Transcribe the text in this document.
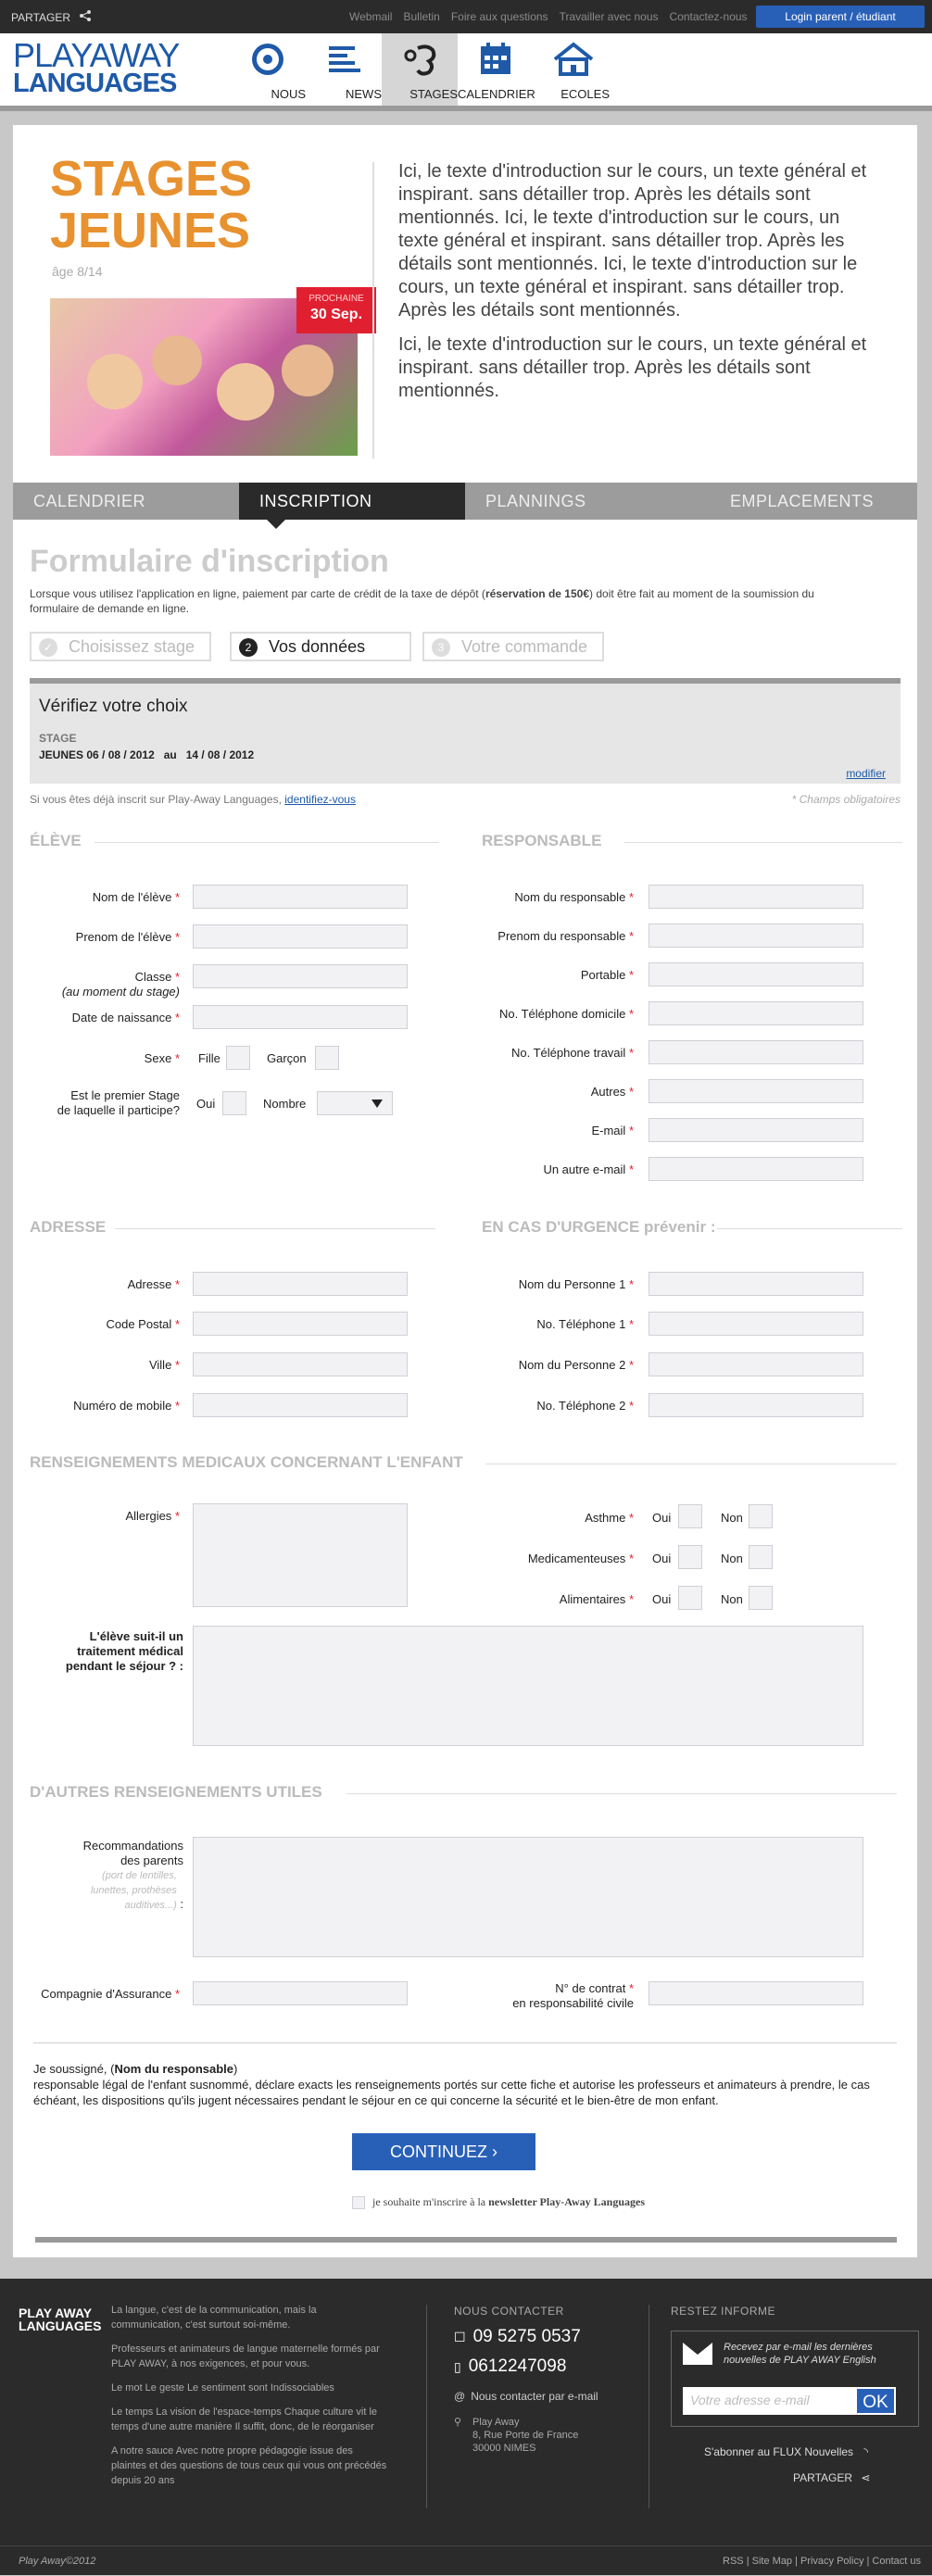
PARTAGER	Webmail Bulletin Foire aux questions Travailler avec nous Contactez-nous	Login parent / étudiant
PLAYAWAY
LANGUAGES	NOUS	NEWS	STAGES CALENDRIER	ECOLES
STAGES
JEUNES
âge 8/14
PROCHAINE
30 Sep.

Ici, le texte d'introduction sur le cours, un texte général et inspirant. sans détailler trop. Après les détails sont mentionnés. Ici, le texte d'introduction sur le cours, un texte général et inspirant. sans détailler trop. Après les détails sont mentionnés. Ici, le texte d'introduction sur le cours, un texte général et inspirant. sans détailler trop. Après les détails sont mentionnés.

Ici, le texte d'introduction sur le cours, un texte général et inspirant. sans détailler trop. Après les détails sont mentionnés.

CALENDRIER	INSCRIPTION	PLANNINGS	EMPLACEMENTS
Formulaire d'inscription
Lorsque vous utilisez l'application en ligne, paiement par carte de crédit de la taxe de dépôt (réservation de 150€) doit être fait au moment de la soumission du formulaire de demande en ligne.
✓ Choisissez stage	2	Vos données	3	Votre commande
Vérifiez votre choix
STAGE
JEUNES 06 / 08 / 2012   au   14 / 08 / 2012
modifier
Si vous êtes déjà inscrit sur Play-Away Languages, identifiez-vous	* Champs obligatoires
ÉLÈVE	RESPONSABLE
Nom de l'élève *
Prenom de l'élève *
Classe *
(au moment du stage)
Date de naissance *
Sexe * Fille	Garçon
Est le premier Stage
de laquelle il participe? Oui	Nombre
Nom du responsable *
Prenom du responsable *
Portable *
No. Téléphone domicile *
No. Téléphone travail *
Autres *
E-mail *
Un autre e-mail *
ADRESSE	EN CAS D'URGENCE prévenir :
Adresse *
Code Postal *
Ville *
Numéro de mobile *
Nom du Personne 1 *
No. Téléphone 1 *
Nom du Personne 2 *
No. Téléphone 2 *
RENSEIGNEMENTS MEDICAUX CONCERNANT L'ENFANT
Allergies *	Asthme * Oui	Non
Medicamenteuses * Oui	Non
Alimentaires * Oui	Non
L'élève suit-il un
traitement médical
pendant le séjour ? :
D'AUTRES RENSEIGNEMENTS UTILES
Recommandations
des parents
(port de lentilles, lunettes, prothèses auditives...) :
Compagnie d'Assurance *	N° de contrat *
en responsabilité civile
Je soussigné, (Nom du responsable)
responsable légal de l'enfant susnommé, déclare exacts les renseignements portés sur cette fiche et autorise les professeurs et animateurs à prendre, le cas échéant, les dispositions qu'ils jugent nécessaires pendant le séjour en ce qui concerne la sécurité et le bien-être de mon enfant.
CONTINUEZ ›
je souhaite m'inscrire à la newsletter Play-Away Languages
PLAY AWAY
LANGUAGES

La langue, c'est de la communication, mais la communication, c'est surtout soi-même.

Professeurs et animateurs de langue maternelle formés par PLAY AWAY, à nos exigences, et pour vous.

Le mot Le geste Le sentiment sont Indissociables

Le temps La vision de l'espace-temps Chaque culture vit le temps d'une autre manière Il suffit, donc, de le réorganiser

A notre sauce Avec notre propre pédagogie issue des plaintes et des questions de tous ceux qui vous ont précédés depuis 20 ans

NOUS CONTACTER
☐ 09 5275 0537
▯ 0612247098
@ Nous contacter par e-mail
⚲ Play Away
8, Rue Porte de France
30000 NIMES
RESTEZ INFORME
Recevez par e-mail les dernières nouvelles de PLAY AWAY English
Votre adresse e-mail	OK
S'abonner au FLUX Nouvelles ◝
PARTAGER ⋖
Play Away©2012	RSS | Site Map | Privacy Policy | Contact us
